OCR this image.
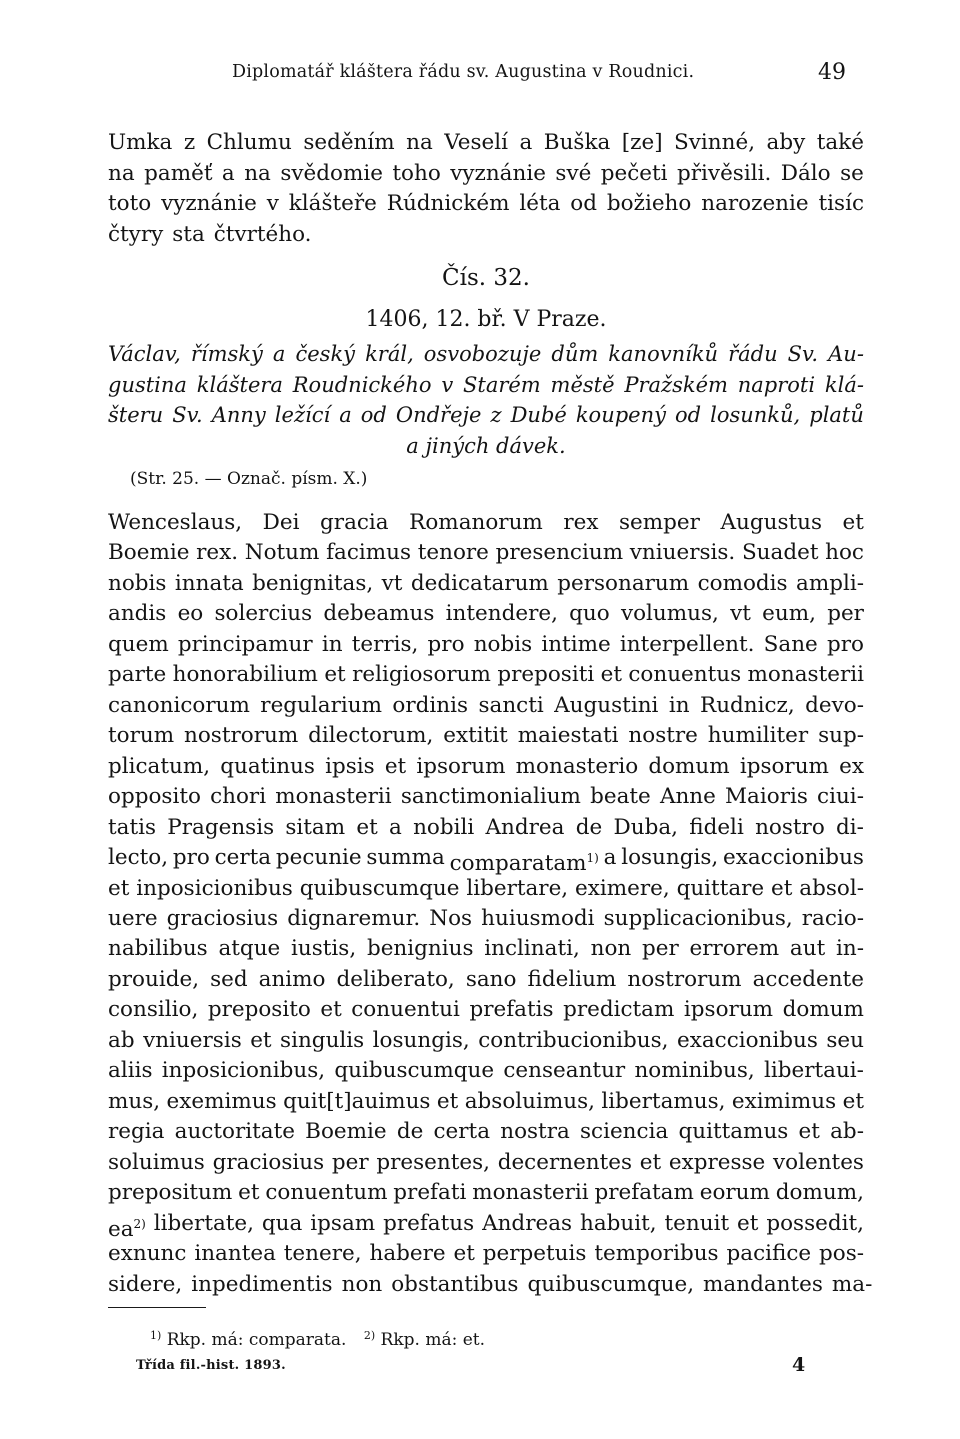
Diplomatář kláštera řádu sv. Augustina v Roudnici.	49
Umka z Chlumu seděním na Veselí a Buška [ze] Svinné, aby také
na paměť a na svědomie toho vyznánie své pečeti přivěsili. Dálo se
toto vyznánie v klášteře Rúdnickém léta od božieho narozenie tisíc
čtyry sta čtvrtého.
Čís. 32.
1406, 12. bř. V Praze.
Václav, římský a český král, osvobozuje dům kanovníků řádu Sv. Au-
gustina kláštera Roudnického v Starém městě Pražském naproti klá-
šteru Sv. Anny ležící a od Ondřeje z Dubé koupený od losunků, platů
a jiných dávek.
(Str. 25. — Označ. písm. X.)
Wenceslaus, Dei gracia Romanorum rex semper Augustus et
Boemie rex. Notum facimus tenore presencium vniuersis. Suadet hoc
nobis innata benignitas, vt dedicatarum personarum comodis ampli-
andis eo solercius debeamus intendere, quo volumus, vt eum, per
quem principamur in terris, pro nobis intime interpellent. Sane pro
parte honorabilium et religiosorum prepositi et conuentus monasterii
canonicorum regularium ordinis sancti Augustini in Rudnicz, devo-
torum nostrorum dilectorum, extitit maiestati nostre humiliter sup-
plicatum, quatinus ipsis et ipsorum monasterio domum ipsorum ex
opposito chori monasterii sanctimonialium beate Anne Maioris ciui-
tatis Pragensis sitam et a nobili Andrea de Duba, fideli nostro di-
lecto, pro certa pecunie summa comparatam$^{1)}$ a losungis, exaccionibus
et inposicionibus quibuscumque libertare, eximere, quittare et absol-
uere graciosius dignaremur. Nos huiusmodi supplicacionibus, racio-
nabilibus atque iustis, benignius inclinati, non per errorem aut in-
prouide, sed animo deliberato, sano fidelium nostrorum accedente
consilio, preposito et conuentui prefatis predictam ipsorum domum
ab vniuersis et singulis losungis, contribucionibus, exaccionibus seu
aliis inposicionibus, quibuscumque censeantur nominibus, libertaui-
mus, exemimus quit[t]auimus et absoluimus, libertamus, eximimus et
regia auctoritate Boemie de certa nostra sciencia quittamus et ab-
soluimus graciosius per presentes, decernentes et expresse volentes
prepositum et conuentum prefati monasterii prefatam eorum domum,
ea$^{2)}$ libertate, qua ipsam prefatus Andreas habuit, tenuit et possedit,
exnunc inantea tenere, habere et perpetuis temporibus pacifice pos-
sidere, inpedimentis non obstantibus quibuscumque, mandantes ma-
$^{1)}$ Rkp. má: comparata. $^{2)}$ Rkp. má: et.
Třída fil.-hist. 1893.	4
